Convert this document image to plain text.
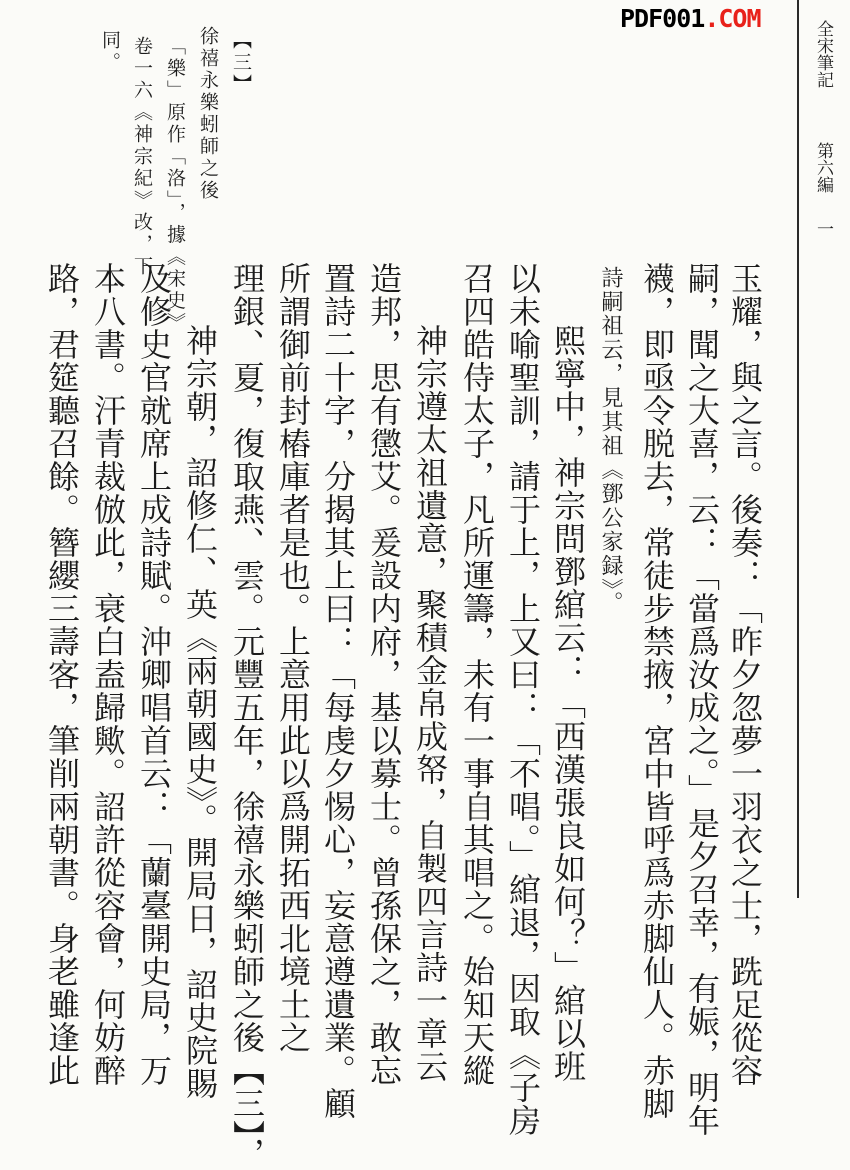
PDF001.COM
全宋筆記
第六編
一
【三】
徐禧永樂蚓師之後
「樂」原作「洛」，據《宋史》
卷一六《神宗紀》改，下
同。
玉耀，與之言。後奏：「昨夕忽夢一羽衣之士，跣足從容
嗣，聞之大喜，云：「當爲汝成之。」是夕召幸，有娠，明年
襪，即亟令脱去，常徒步禁掖，宮中皆呼爲赤脚仙人。赤脚
詩嗣祖云，見其祖《鄧公家録》。
熙寧中，神宗問鄧綰云：「西漢張良如何？」綰以班
以未喻聖訓，請于上，上又曰：「不唱。」綰退，因取《子房
召四皓侍太子，凡所運籌，未有一事自其唱之。始知天縱
神宗遵太祖遺意，聚積金帛成帑，自製四言詩一章云
造邦，思有懲艾。爰設内府，基以募士。曾孫保之，敢忘
置詩二十字，分揭其上曰：「每虔夕惕心，妄意遵遺業。顧
所謂御前封樁庫者是也。上意用此以爲開拓西北境土之
理銀、夏，復取燕、雲。元豐五年，徐禧永樂蚓師之後【三】，
神宗朝，詔修仁、英《兩朝國史》。開局日，詔史院賜
及修史官就席上成詩賦。沖卿唱首云：「蘭臺開史局，万
本八書。汗青裁倣此，衰白盍歸歟。詔許從容會，何妨醉
路，君筵聽召餘。簪纓三壽客，筆削兩朝書。身老雖逢此
